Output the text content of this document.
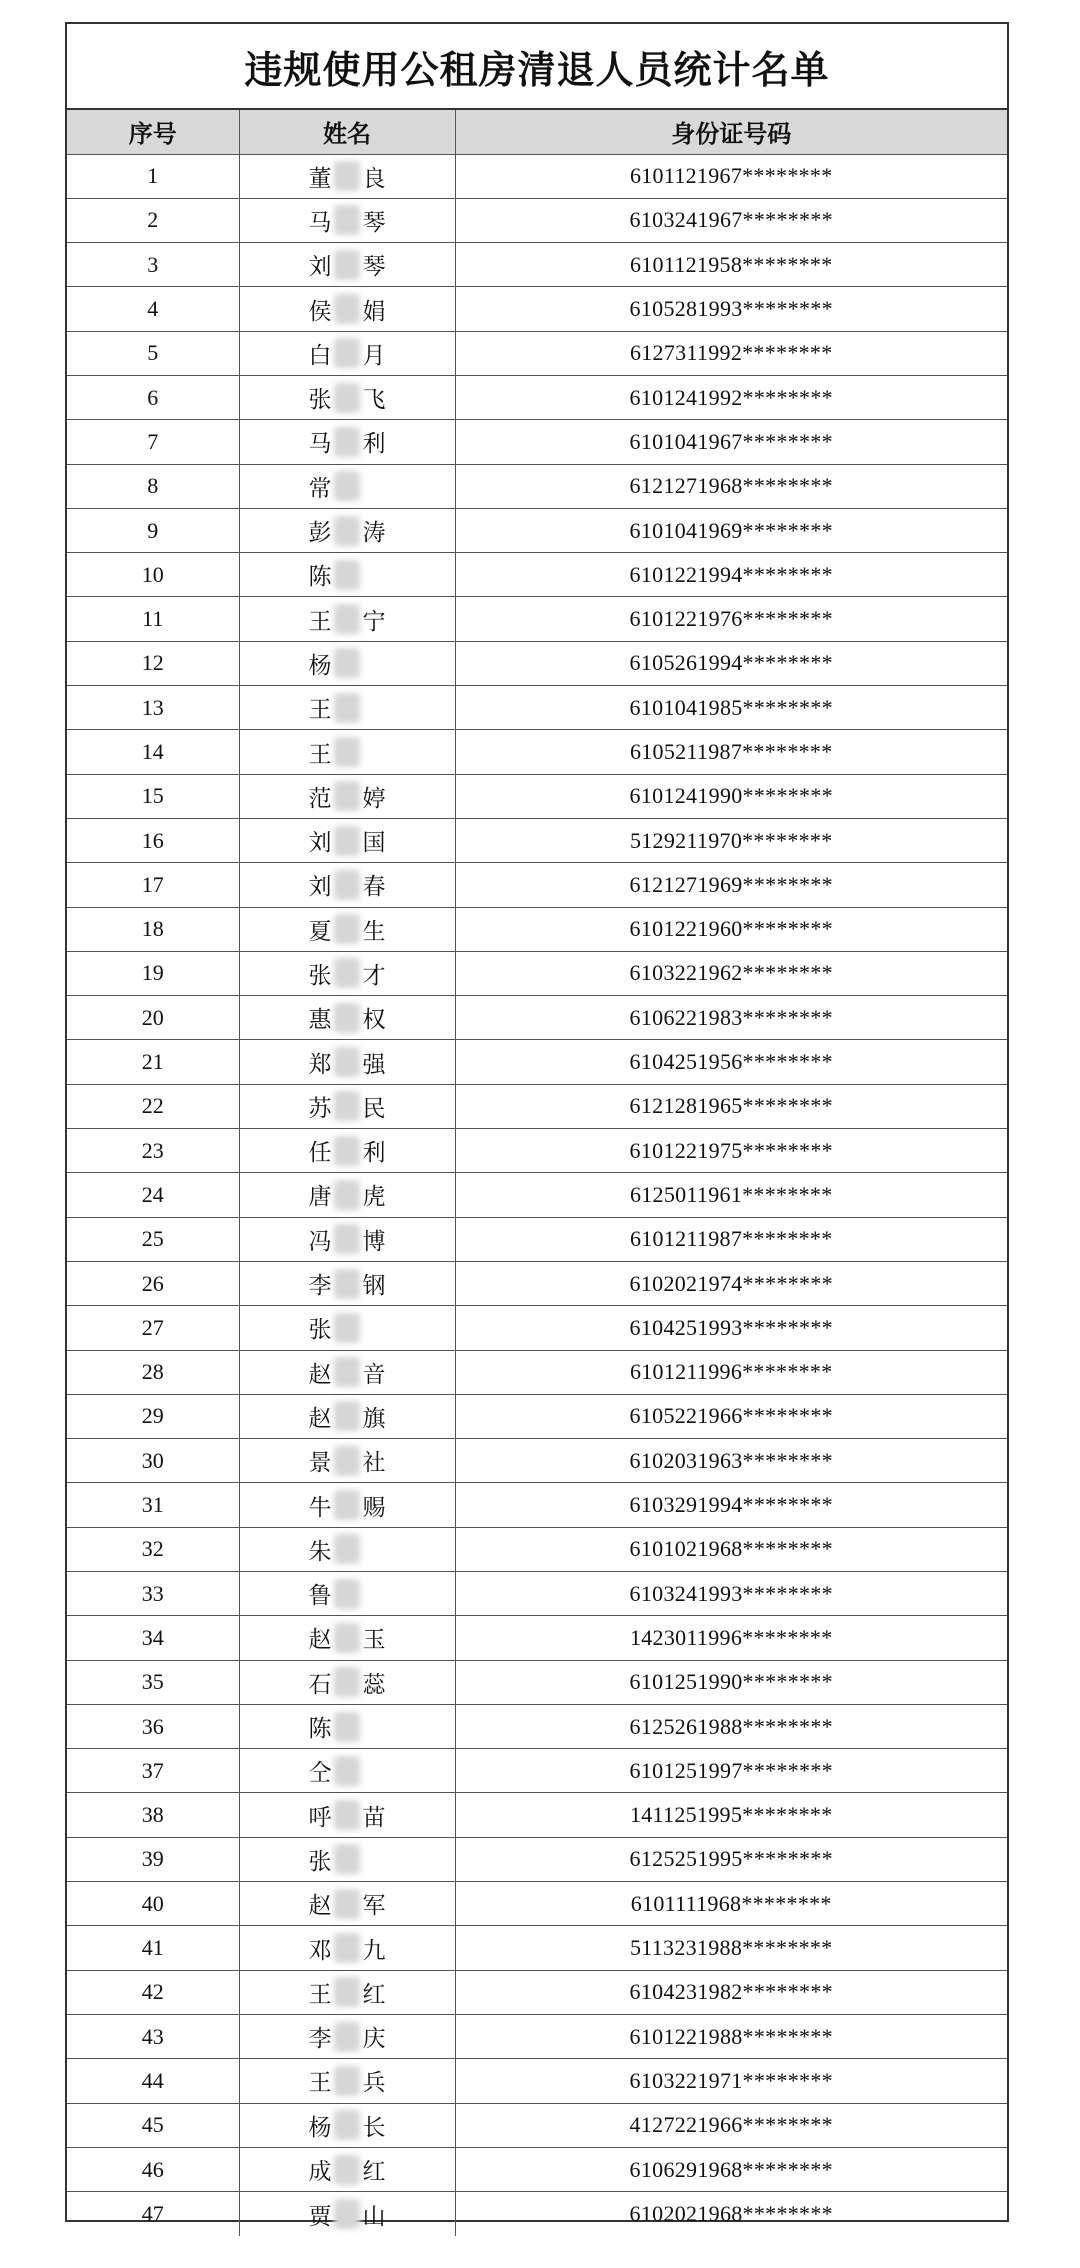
违规使用公租房清退人员统计名单
序号	姓名	身份证号码
1	董 良	6101121967********
2	马 琴	6103241967********
3	刘 琴	6101121958********
4	侯 娟	6105281993********
5	白 月	6127311992********
6	张 飞	6101241992********
7	马 利	6101041967********
8	常	6121271968********
9	彭 涛	6101041969********
10	陈	6101221994********
11	王 宁	6101221976********
12	杨	6105261994********
13	王	6101041985********
14	王	6105211987********
15	范 婷	6101241990********
16	刘 国	5129211970********
17	刘 春	6121271969********
18	夏 生	6101221960********
19	张 才	6103221962********
20	惠 权	6106221983********
21	郑 强	6104251956********
22	苏 民	6121281965********
23	任 利	6101221975********
24	唐 虎	6125011961********
25	冯 博	6101211987********
26	李 钢	6102021974********
27	张	6104251993********
28	赵 音	6101211996********
29	赵 旗	6105221966********
30	景 社	6102031963********
31	牛 赐	6103291994********
32	朱	6101021968********
33	鲁	6103241993********
34	赵 玉	1423011996********
35	石 蕊	6101251990********
36	陈	6125261988********
37	仝	6101251997********
38	呼 苗	1411251995********
39	张	6125251995********
40	赵 军	6101111968********
41	邓 九	5113231988********
42	王 红	6104231982********
43	李 庆	6101221988********
44	王 兵	6103221971********
45	杨 长	4127221966********
46	成 红	6106291968********
47	贾 山	6102021968********
